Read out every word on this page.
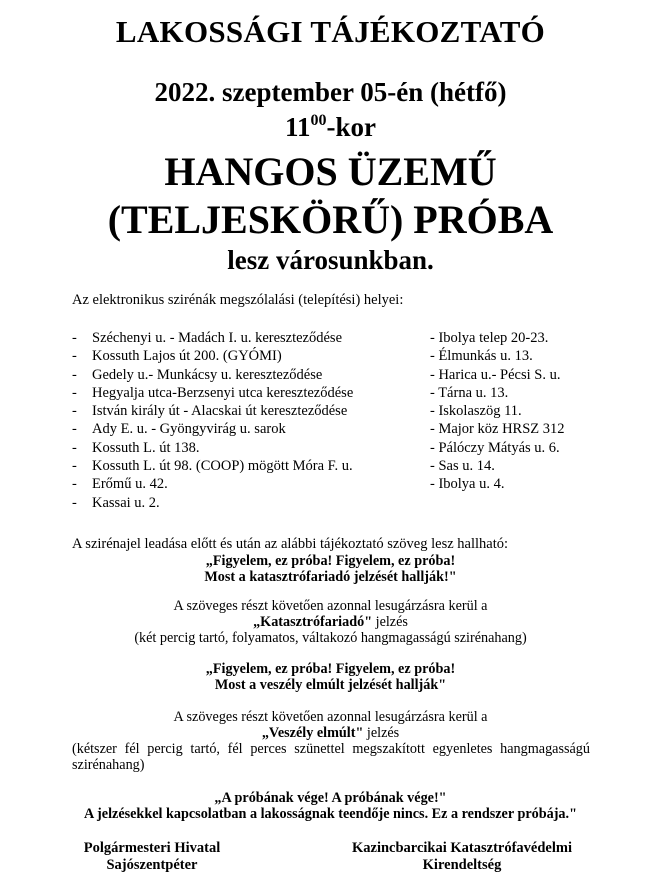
LAKOSSÁGI TÁJÉKOZTATÓ
2022. szeptember 05-én (hétfő)
$11^{00}$-kor
HANGOS ÜZEMŰ
(TELJESKÖRŰ) PRÓBA
lesz városunkban.
Az elektronikus szirénák megszólalási (telepítési) helyei:
- Széchenyi u. - Madách I. u. kereszteződése
- Kossuth Lajos út 200. (GYÓMI)
- Gedely u.- Munkácsy u. kereszteződése
- Hegyalja utca-Berzsenyi utca kereszteződése
- István király út - Alacskai út kereszteződése
- Ady E. u. - Gyöngyvirág u. sarok
- Kossuth L. út 138.
- Kossuth L. út 98. (COOP) mögött Móra F. u.
- Erőmű u. 42.
- Kassai u. 2.
- Ibolya telep 20-23.
- Élmunkás u. 13.
- Harica u.- Pécsi S. u.
- Tárna u. 13.
- Iskolaszög 11.
- Major köz HRSZ 312
- Pálóczy Mátyás u. 6.
- Sas u. 14.
- Ibolya u. 4.
A szirénajel leadása előtt és után az alábbi tájékoztató szöveg lesz hallható:
„Figyelem, ez próba! Figyelem, ez próba!
Most a katasztrófariadó jelzését hallják!"
A szöveges részt követően azonnal lesugárzásra kerül a
„Katasztrófariadó" jelzés
(két percig tartó, folyamatos, váltakozó hangmagasságú szirénahang)
„Figyelem, ez próba! Figyelem, ez próba!
Most a veszély elmúlt jelzését hallják"
A szöveges részt követően azonnal lesugárzásra kerül a
„Veszély elmúlt" jelzés
(kétszer fél percig tartó, fél perces szünettel megszakított egyenletes hangmagasságú szirénahang)
„A próbának vége! A próbának vége!"
A jelzésekkel kapcsolatban a lakosságnak teendője nincs. Ez a rendszer próbája."
Polgármesteri Hivatal
Sajószentpéter
Kazincbarcikai Katasztrófavédelmi
Kirendeltség
